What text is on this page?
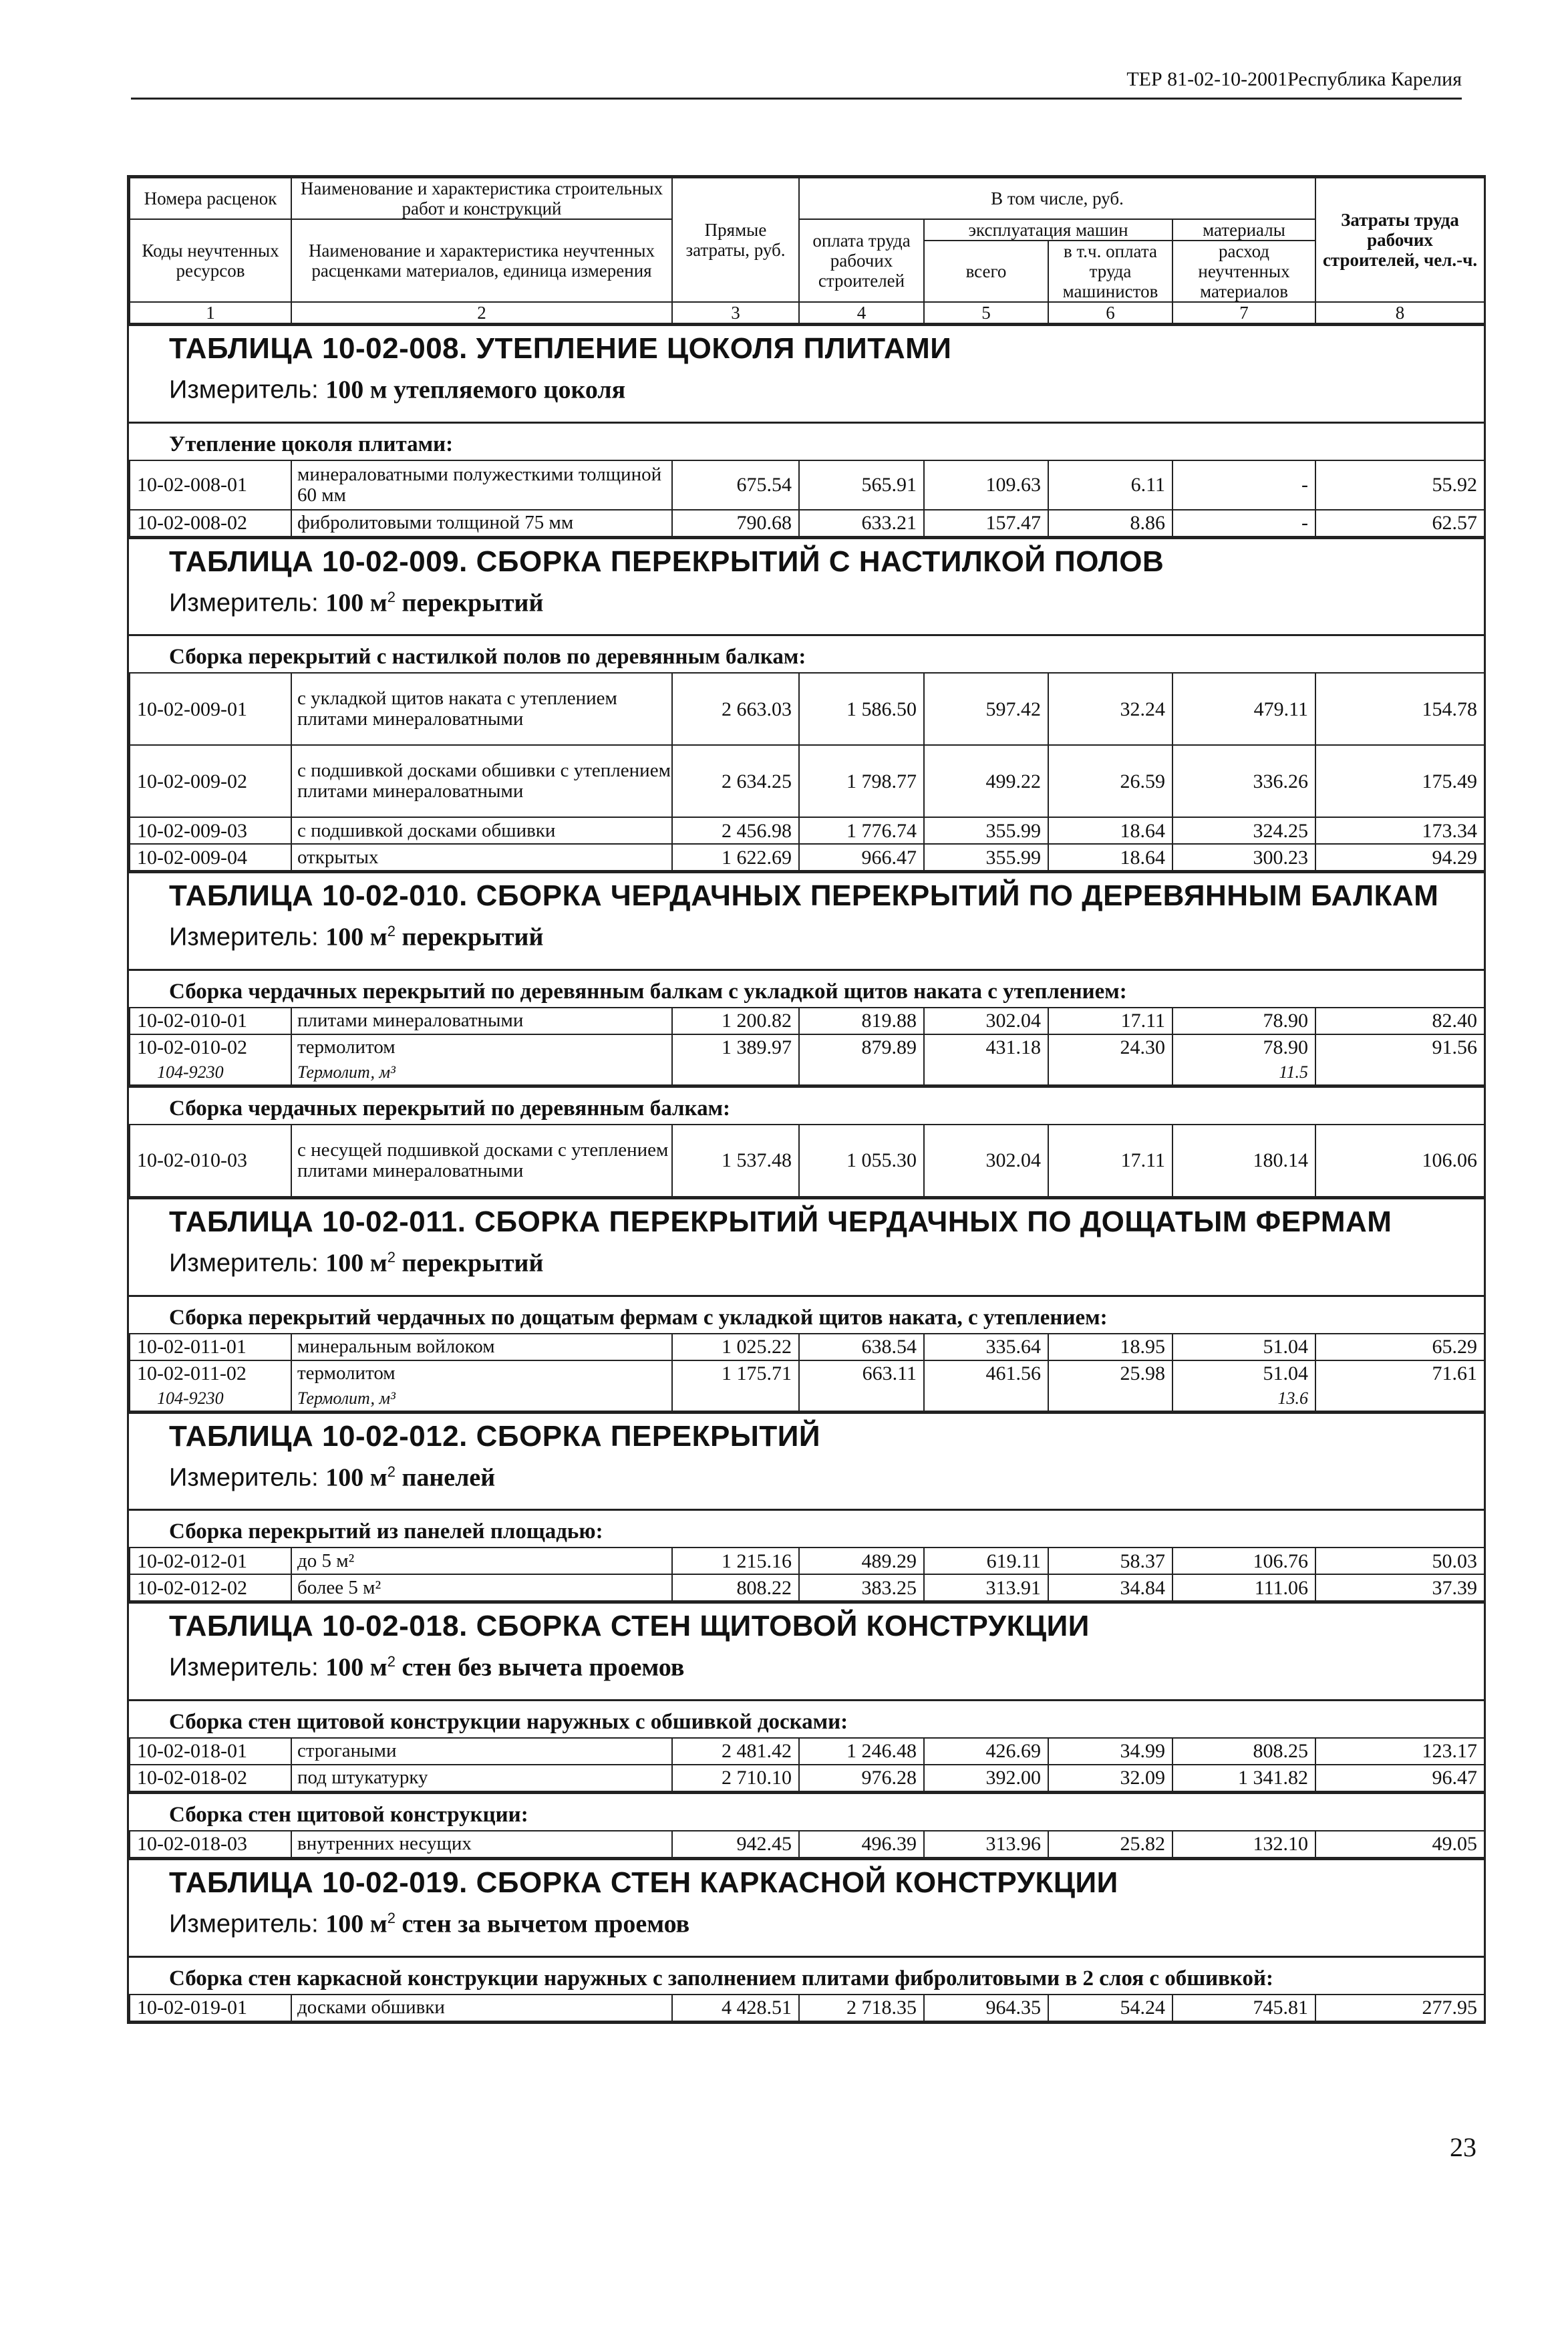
ТЕР 81-02-10-2001Республика Карелия
Номера расценок	Наименование и характеристика строительных работ и конструкций	Прямые затраты, руб.	В том числе, руб.				Затраты труда рабочих строителей, чел.-ч.
Коды неучтенных ресурсов	Наименование и характеристика неучтенных расценками материалов, единица измерения		оплата труда рабочих строителей	эксплуатация машин		материалы	
				всего	в т.ч. оплата труда машинистов	расход неучтенных материалов	
1	2	3	4	5	6	7	8
ТАБЛИЦА 10-02-008. УТЕПЛЕНИЕ ЦОКОЛЯ ПЛИТАМИ
Измеритель: 100 м утепляемого цоколя
Утепление цоколя плитами:
10-02-008-01	минераловатными полужесткими толщиной 60 мм	675.54	565.91	109.63	6.11	-	55.92
10-02-008-02	фибролитовыми толщиной 75 мм	790.68	633.21	157.47	8.86	-	62.57
ТАБЛИЦА 10-02-009. СБОРКА ПЕРЕКРЫТИЙ С НАСТИЛКОЙ ПОЛОВ
Измеритель: 100 $м^2$ перекрытий
Сборка перекрытий с настилкой полов по деревянным балкам:
10-02-009-01	с укладкой щитов наката с утеплением плитами минераловатными	2 663.03	1 586.50	597.42	32.24	479.11	154.78
10-02-009-02	с подшивкой досками обшивки с утеплением плитами минераловатными	2 634.25	1 798.77	499.22	26.59	336.26	175.49
10-02-009-03	с подшивкой досками обшивки	2 456.98	1 776.74	355.99	18.64	324.25	173.34
10-02-009-04	открытых	1 622.69	966.47	355.99	18.64	300.23	94.29
ТАБЛИЦА 10-02-010. СБОРКА ЧЕРДАЧНЫХ ПЕРЕКРЫТИЙ ПО ДЕРЕВЯННЫМ БАЛКАМ
Измеритель: 100 $м^2$ перекрытий
Сборка чердачных перекрытий по деревянным балкам с укладкой щитов наката с утеплением:
10-02-010-01	плитами минераловатными	1 200.82	819.88	302.04	17.11	78.90	82.40
10-02-010-02	термолитом	1 389.97	879.89	431.18	24.30	78.90	91.56
104-9230	Термолит, м³					11.5	
Сборка чердачных перекрытий по деревянным балкам:
10-02-010-03	с несущей подшивкой досками с утеплением плитами минераловатными	1 537.48	1 055.30	302.04	17.11	180.14	106.06
ТАБЛИЦА 10-02-011. СБОРКА ПЕРЕКРЫТИЙ ЧЕРДАЧНЫХ ПО ДОЩАТЫМ ФЕРМАМ
Измеритель: 100 $м^2$ перекрытий
Сборка перекрытий чердачных по дощатым фермам с укладкой щитов наката, с утеплением:
10-02-011-01	минеральным войлоком	1 025.22	638.54	335.64	18.95	51.04	65.29
10-02-011-02	термолитом	1 175.71	663.11	461.56	25.98	51.04	71.61
104-9230	Термолит, м³					13.6	
ТАБЛИЦА 10-02-012. СБОРКА ПЕРЕКРЫТИЙ
Измеритель: 100 $м^2$ панелей
Сборка перекрытий из панелей площадью:
10-02-012-01	до 5 м²	1 215.16	489.29	619.11	58.37	106.76	50.03
10-02-012-02	более 5 м²	808.22	383.25	313.91	34.84	111.06	37.39
ТАБЛИЦА 10-02-018. СБОРКА СТЕН ЩИТОВОЙ КОНСТРУКЦИИ
Измеритель: 100 $м^2$ стен без вычета проемов
Сборка стен щитовой конструкции наружных с обшивкой досками:
10-02-018-01	строгаными	2 481.42	1 246.48	426.69	34.99	808.25	123.17
10-02-018-02	под штукатурку	2 710.10	976.28	392.00	32.09	1 341.82	96.47
Сборка стен щитовой конструкции:
10-02-018-03	внутренних несущих	942.45	496.39	313.96	25.82	132.10	49.05
ТАБЛИЦА 10-02-019. СБОРКА СТЕН КАРКАСНОЙ КОНСТРУКЦИИ
Измеритель: 100 $м^2$ стен за вычетом проемов
Сборка стен каркасной конструкции наружных с заполнением плитами фибролитовыми в 2 слоя с обшивкой:
10-02-019-01	досками обшивки	4 428.51	2 718.35	964.35	54.24	745.81	277.95
23
